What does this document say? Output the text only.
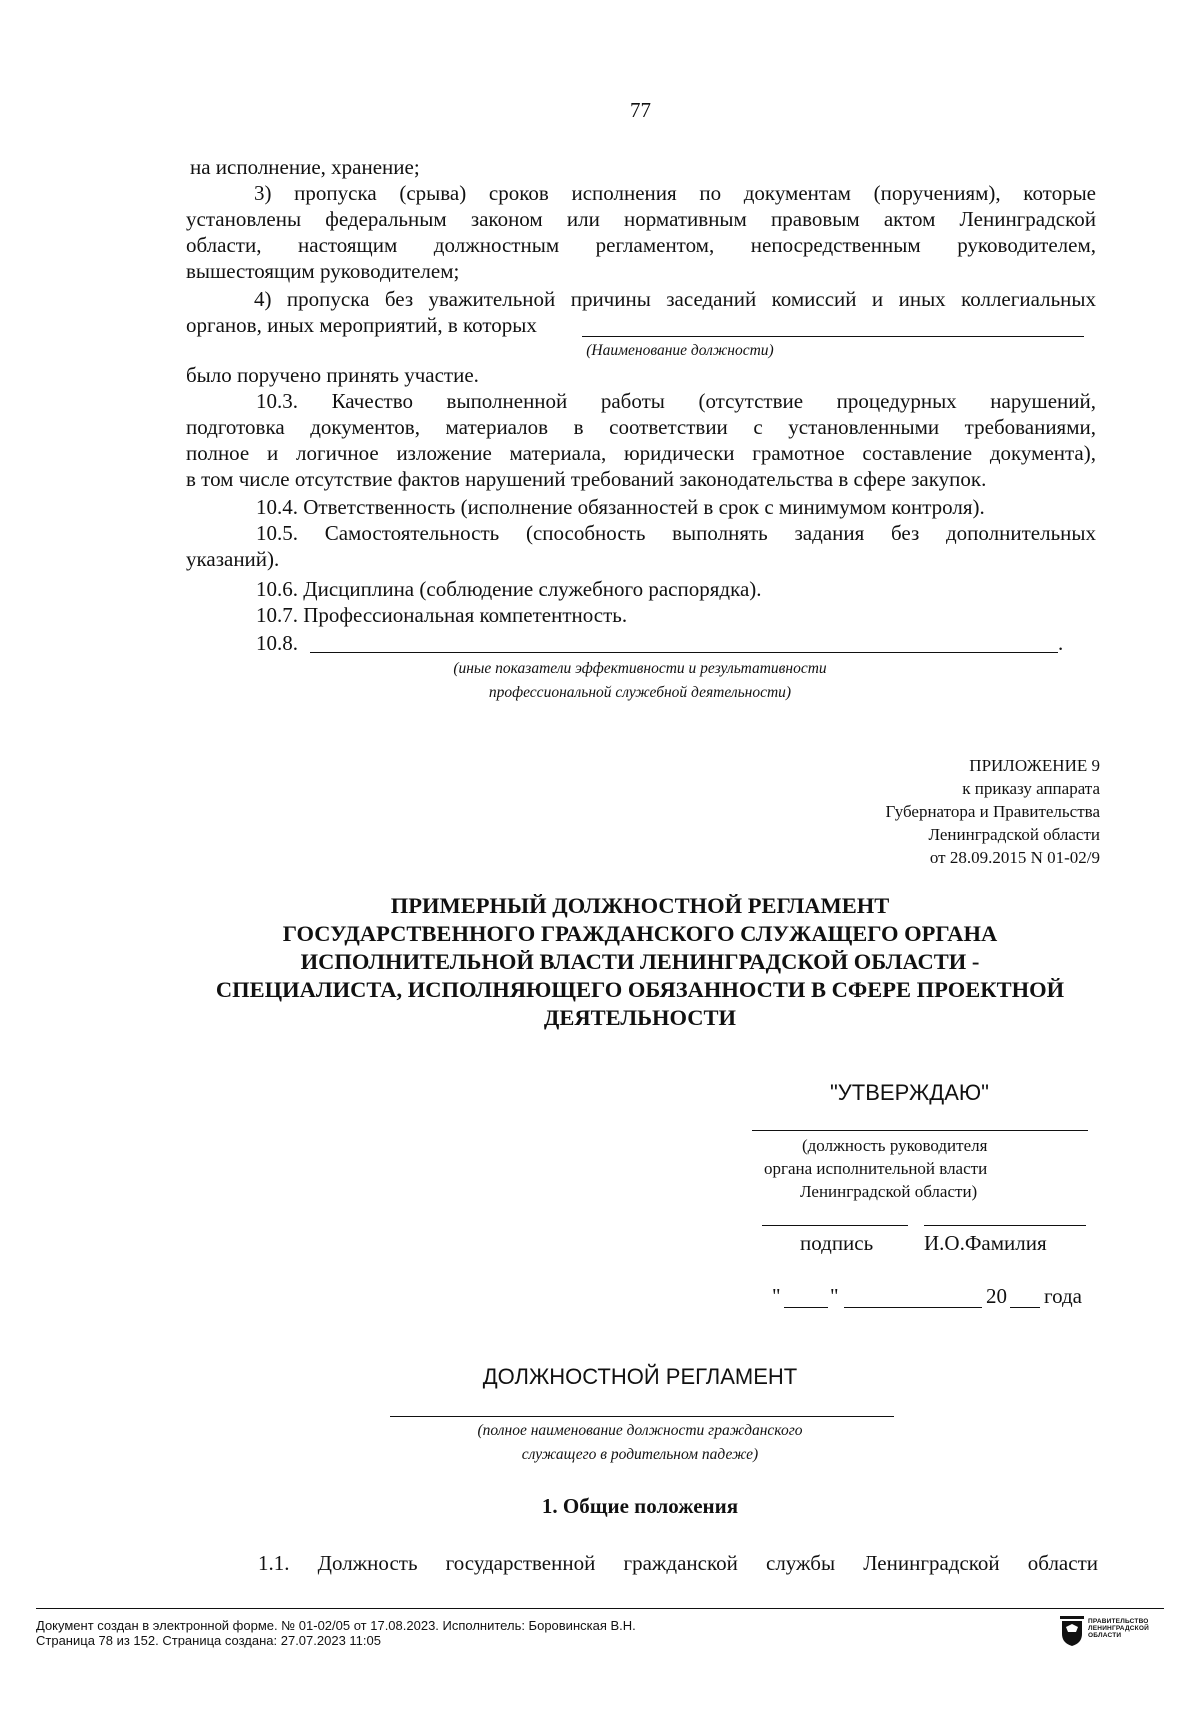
77
на исполнение, хранение;
3) пропуска (срыва) сроков исполнения по документам (поручениям), которые
установлены федеральным законом или нормативным правовым актом Ленинградской
области, настоящим должностным регламентом, непосредственным руководителем,
вышестоящим руководителем;
4) пропуска без уважительной причины заседаний комиссий и иных коллегиальных
органов, иных мероприятий, в которых
(Наименование должности)
было поручено принять участие.
10.3. Качество выполненной работы (отсутствие процедурных нарушений,
подготовка документов, материалов в соответствии с установленными требованиями,
полное и логичное изложение материала, юридически грамотное составление документа),
в том числе отсутствие фактов нарушений требований законодательства в сфере закупок.
10.4. Ответственность (исполнение обязанностей в срок с минимумом контроля).
10.5. Самостоятельность (способность выполнять задания без дополнительных
указаний).
10.6. Дисциплина (соблюдение служебного распорядка).
10.7. Профессиональная компетентность.
10.8.	.
(иные показатели эффективности и результативности
профессиональной служебной деятельности)
ПРИЛОЖЕНИЕ 9
к приказу аппарата
Губернатора и Правительства
Ленинградской области
от 28.09.2015 N 01-02/9
ПРИМЕРНЫЙ ДОЛЖНОСТНОЙ РЕГЛАМЕНТ
ГОСУДАРСТВЕННОГО ГРАЖДАНСКОГО СЛУЖАЩЕГО ОРГАНА
ИСПОЛНИТЕЛЬНОЙ ВЛАСТИ ЛЕНИНГРАДСКОЙ ОБЛАСТИ -
СПЕЦИАЛИСТА, ИСПОЛНЯЮЩЕГО ОБЯЗАННОСТИ В СФЕРЕ ПРОЕКТНОЙ
ДЕЯТЕЛЬНОСТИ
"УТВЕРЖДАЮ"
(должность руководителя
органа исполнительной власти
Ленинградской области)
подпись И.О.Фамилия
" "	20 года
ДОЛЖНОСТНОЙ РЕГЛАМЕНТ
(полное наименование должности гражданского
служащего в родительном падеже)
1. Общие положения
1.1. Должность государственной гражданской службы Ленинградской области
Документ создан в электронной форме. № 01-02/05 от 17.08.2023. Исполнитель: Боровинская В.Н.
Страница 78 из 152. Страница создана: 27.07.2023 11:05
ПРАВИТЕЛЬСТВО
ЛЕНИНГРАДСКОЙ
ОБЛАСТИ
